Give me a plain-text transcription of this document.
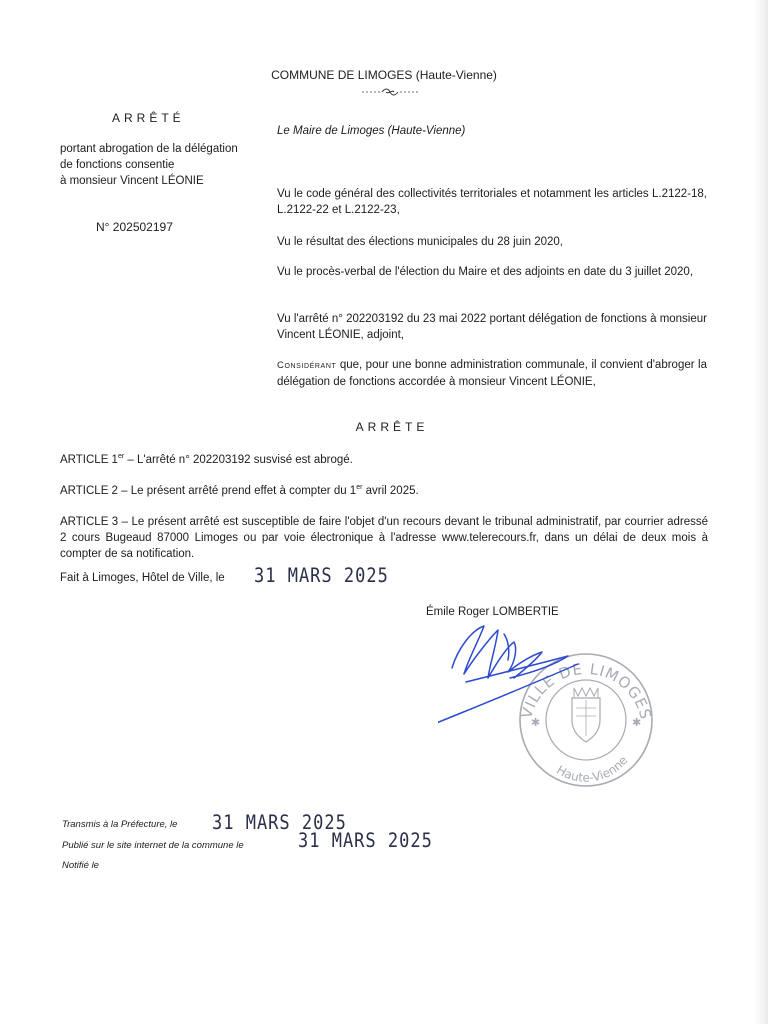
COMMUNE DE LIMOGES (Haute-Vienne)

ARRÊTÉ

portant abrogation de la délégation
de fonctions consentie
à monsieur Vincent LÉONIE

N° 202502197

Le Maire de Limoges (Haute-Vienne)

Vu le code général des collectivités territoriales et notamment les articles L.2122-18, L.2122-22 et L.2122-23,

Vu le résultat des élections municipales du 28 juin 2020,

Vu le procès-verbal de l'élection du Maire et des adjoints en date du 3 juillet 2020,

Vu l'arrêté n° 202203192 du 23 mai 2022 portant délégation de fonctions à monsieur Vincent LÉONIE, adjoint,

Considérant que, pour une bonne administration communale, il convient d'abroger la délégation de fonctions accordée à monsieur Vincent LÉONIE,

ARRÊTE

ARTICLE 1er – L'arrêté n° 202203192 susvisé est abrogé.

ARTICLE 2 – Le présent arrêté prend effet à compter du 1er avril 2025.

ARTICLE 3 – Le présent arrêté est susceptible de faire l'objet d'un recours devant le tribunal administratif, par courrier adressé 2 cours Bugeaud 87000 Limoges ou par voie électronique à l'adresse www.telerecours.fr, dans un délai de deux mois à compter de sa notification.

Fait à Limoges, Hôtel de Ville, le 31 MARS 2025

Émile Roger LOMBERTIE

VILLE DE LIMOGES
Haute-Vienne
✱	✱

Transmis à la Préfecture, le 31 MARS 2025

Publié sur le site internet de la commune le	31 MARS 2025

Notifié le
